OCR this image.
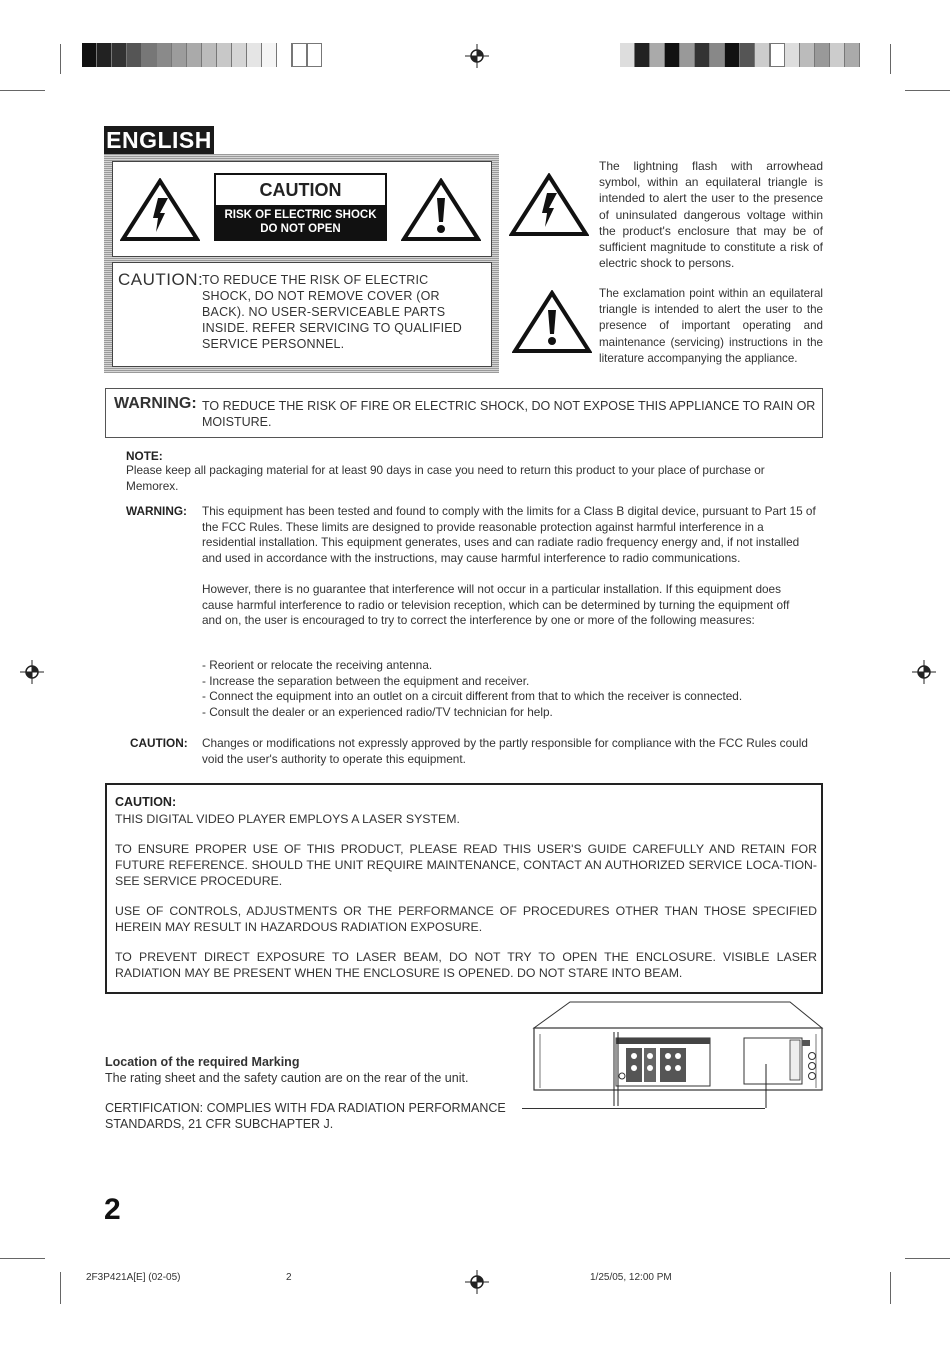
ENGLISH
CAUTION
RISK OF ELECTRIC SHOCK
DO NOT OPEN
CAUTION:
TO REDUCE THE RISK OF ELECTRIC
SHOCK, DO NOT REMOVE COVER (OR
BACK). NO USER-SERVICEABLE PARTS
INSIDE. REFER SERVICING TO QUALIFIED
SERVICE PERSONNEL.
The lightning flash with arrowhead symbol, within an equilateral triangle is intended to alert the user to the presence of uninsulated dangerous voltage within the product's enclosure that may be of sufficient magnitude to constitute a risk of electric shock to persons.
The exclamation point within an equilateral triangle is intended to alert the user to the presence of important operating and maintenance (servicing) instructions in the literature accompanying the appliance.
WARNING: TO REDUCE THE RISK OF FIRE OR ELECTRIC SHOCK, DO NOT EXPOSE THIS APPLIANCE TO RAIN OR MOISTURE.
NOTE:
Please keep all packaging material for at least 90 days in case you need to return this product to your place of purchase or Memorex.
WARNING: This equipment has been tested and found to comply with the limits for a Class B digital device, pursuant to Part 15 of the FCC Rules. These limits are designed to provide reasonable protection against harmful interference in a residential installation. This equipment generates, uses and can radiate radio frequency energy and, if not installed and used in accordance with the instructions, may cause harmful interference to radio communications.
However, there is no guarantee that interference will not occur in a particular installation. If this equipment does cause harmful interference to radio or television reception, which can be determined by turning the equipment off and on, the user is encouraged to try to correct the interference by one or more of the following measures:
- Reorient or relocate the receiving antenna.
- Increase the separation between the equipment and receiver.
- Connect the equipment into an outlet on a circuit different from that to which the receiver is connected.
- Consult the dealer or an experienced radio/TV technician for help.
CAUTION: Changes or modifications not expressly approved by the partly responsible for compliance with the FCC Rules could void the user's authority to operate this equipment.
CAUTION:

THIS DIGITAL VIDEO PLAYER EMPLOYS A LASER SYSTEM.

TO ENSURE PROPER USE OF THIS PRODUCT, PLEASE READ THIS USER'S GUIDE CAREFULLY AND RETAIN FOR FUTURE REFERENCE. SHOULD THE UNIT REQUIRE MAINTENANCE, CONTACT AN AUTHORIZED SERVICE LOCA-TION-SEE SERVICE PROCEDURE.

USE OF CONTROLS, ADJUSTMENTS OR THE PERFORMANCE OF PROCEDURES OTHER THAN THOSE SPECIFIED HEREIN MAY RESULT IN HAZARDOUS RADIATION EXPOSURE.

TO PREVENT DIRECT EXPOSURE TO LASER BEAM, DO NOT TRY TO OPEN THE ENCLOSURE. VISIBLE LASER RADIATION MAY BE PRESENT WHEN THE ENCLOSURE IS OPENED. DO NOT STARE INTO BEAM.

Location of the required Marking
The rating sheet and the safety caution are on the rear of the unit.
CERTIFICATION: COMPLIES WITH FDA RADIATION PERFORMANCE
STANDARDS, 21 CFR SUBCHAPTER J.
2
2F3P421A[E] (02-05)	2	1/25/05, 12:00 PM
